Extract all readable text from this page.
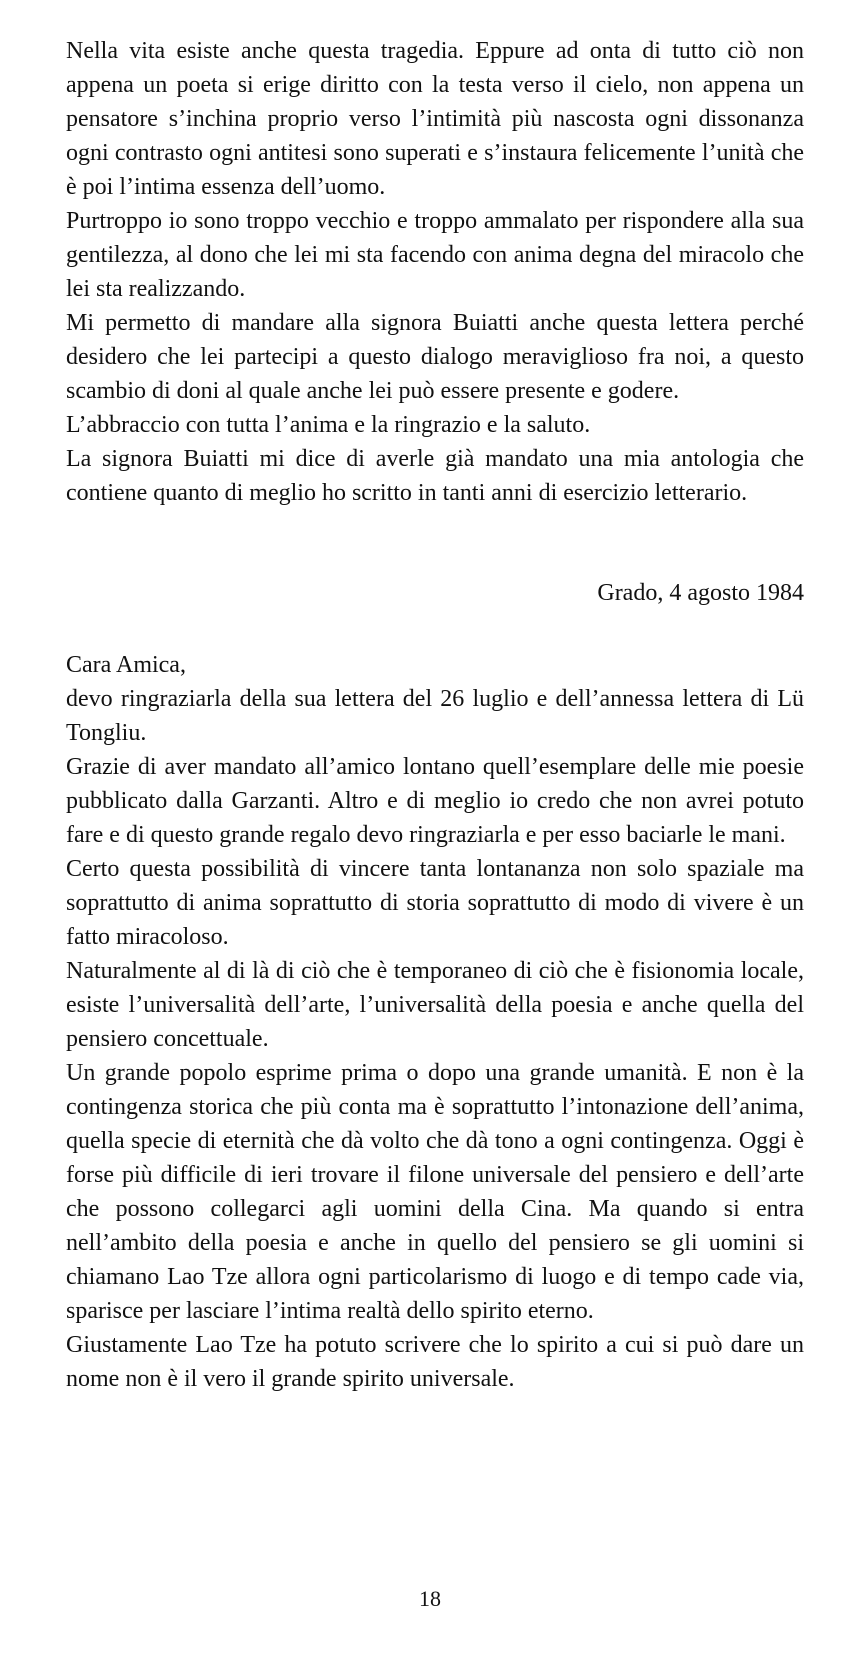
Nella vita esiste anche questa tragedia. Eppure ad onta di tutto ciò non appena un poeta si erige diritto con la testa verso il cielo, non appena un pensatore s’inchina proprio verso l’intimità più nascosta ogni dissonanza ogni contrasto ogni antitesi sono superati e s’instaura felicemente l’unità che è poi l’intima essenza dell’uomo.

Purtroppo io sono troppo vecchio e troppo ammalato per rispondere alla sua gentilezza, al dono che lei mi sta facendo con anima degna del miracolo che lei sta realizzando.

Mi permetto di mandare alla signora Buiatti anche questa lettera perché desidero che lei partecipi a questo dialogo meraviglioso fra noi, a questo scambio di doni al quale anche lei può essere presente e godere.

L’abbraccio con tutta l’anima e la ringrazio e la saluto.

La signora Buiatti mi dice di averle già mandato una mia antologia che contiene quanto di meglio ho scritto in tanti anni di esercizio letterario.

Grado, 4 agosto 1984

Cara Amica,

devo ringraziarla della sua lettera del 26 luglio e dell’annessa lettera di Lü Tongliu.

Grazie di aver mandato all’amico lontano quell’esemplare delle mie poesie pubblicato dalla Garzanti. Altro e di meglio io credo che non avrei potuto fare e di questo grande regalo devo ringraziarla e per esso baciarle le mani.

Certo questa possibilità di vincere tanta lontananza non solo spaziale ma soprattutto di anima soprattutto di storia soprattutto di modo di vivere è un fatto miracoloso.

Naturalmente al di là di ciò che è temporaneo di ciò che è fisionomia locale, esiste l’universalità dell’arte, l’universalità della poesia e anche quella del pensiero concettuale.

Un grande popolo esprime prima o dopo una grande umanità. E non è la contingenza storica che più conta ma è soprattutto l’intonazione dell’anima, quella specie di eternità che dà volto che dà tono a ogni contingenza. Oggi è forse più difficile di ieri trovare il filone universale del pensiero e dell’arte che possono collegarci agli uomini della Cina. Ma quando si entra nell’ambito della poesia e anche in quello del pensiero se gli uomini si chiamano Lao Tze allora ogni particolarismo di luogo e di tempo cade via, sparisce per lasciare l’intima realtà dello spirito eterno.

Giustamente Lao Tze ha potuto scrivere che lo spirito a cui si può dare un nome non è il vero il grande spirito universale.

18
